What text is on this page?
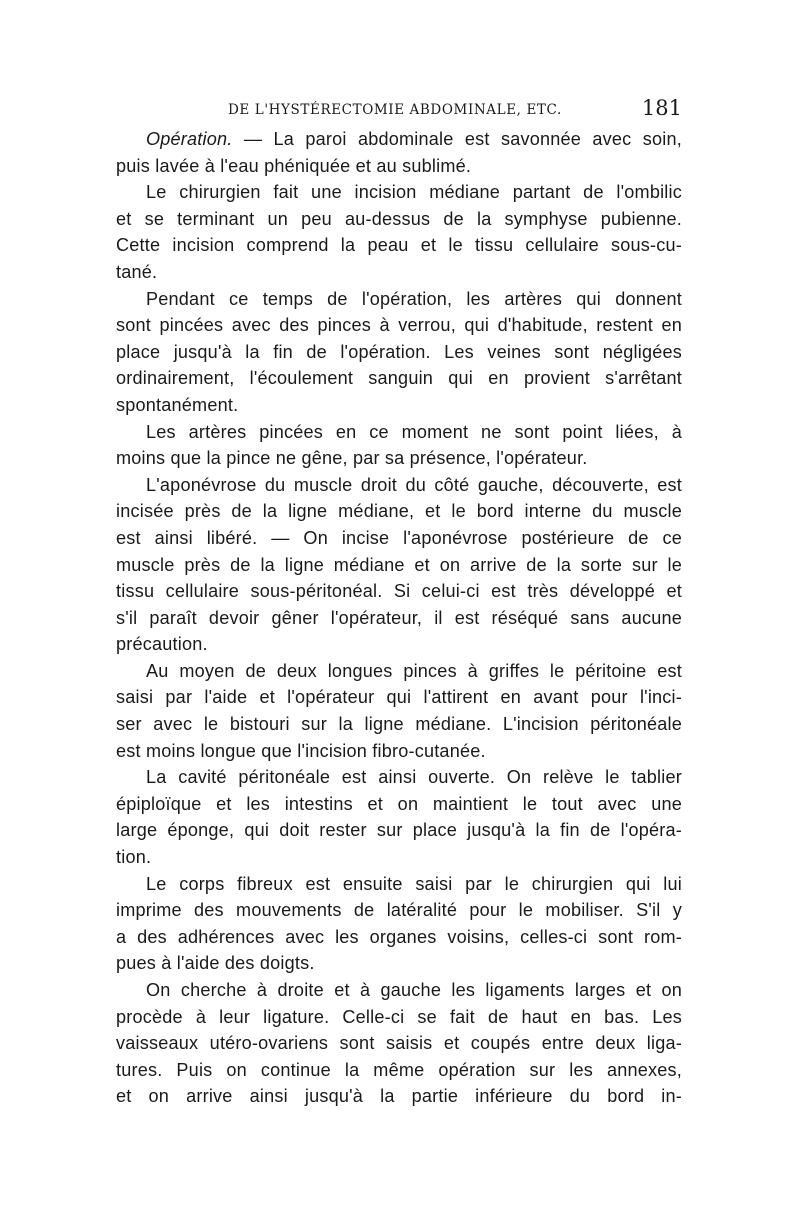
DE L'HYSTÉRECTOMIE ABDOMINALE, ETC.	181

Opération. — La paroi abdominale est savonnée avec soin,
puis lavée à l'eau phéniquée et au sublimé.

Le chirurgien fait une incision médiane partant de l'ombilic
et se terminant un peu au-dessus de la symphyse pubienne.
Cette incision comprend la peau et le tissu cellulaire sous-cu-
tané.

Pendant ce temps de l'opération, les artères qui donnent
sont pincées avec des pinces à verrou, qui d'habitude, restent en
place jusqu'à la fin de l'opération. Les veines sont négligées
ordinairement, l'écoulement sanguin qui en provient s'arrêtant
spontanément.

Les artères pincées en ce moment ne sont point liées, à
moins que la pince ne gêne, par sa présence, l'opérateur.

L'aponévrose du muscle droit du côté gauche, découverte, est
incisée près de la ligne médiane, et le bord interne du muscle
est ainsi libéré. — On incise l'aponévrose postérieure de ce
muscle près de la ligne médiane et on arrive de la sorte sur le
tissu cellulaire sous-péritonéal. Si celui-ci est très développé et
s'il paraît devoir gêner l'opérateur, il est réséqué sans aucune
précaution.

Au moyen de deux longues pinces à griffes le péritoine est
saisi par l'aide et l'opérateur qui l'attirent en avant pour l'inci-
ser avec le bistouri sur la ligne médiane. L'incision péritonéale
est moins longue que l'incision fibro-cutanée.

La cavité péritonéale est ainsi ouverte. On relève le tablier
épiploïque et les intestins et on maintient le tout avec une
large éponge, qui doit rester sur place jusqu'à la fin de l'opéra-
tion.

Le corps fibreux est ensuite saisi par le chirurgien qui lui
imprime des mouvements de latéralité pour le mobiliser. S'il y
a des adhérences avec les organes voisins, celles-ci sont rom-
pues à l'aide des doigts.

On cherche à droite et à gauche les ligaments larges et on
procède à leur ligature. Celle-ci se fait de haut en bas. Les
vaisseaux utéro-ovariens sont saisis et coupés entre deux liga-
tures. Puis on continue la même opération sur les annexes,
et on arrive ainsi jusqu'à la partie inférieure du bord in-
